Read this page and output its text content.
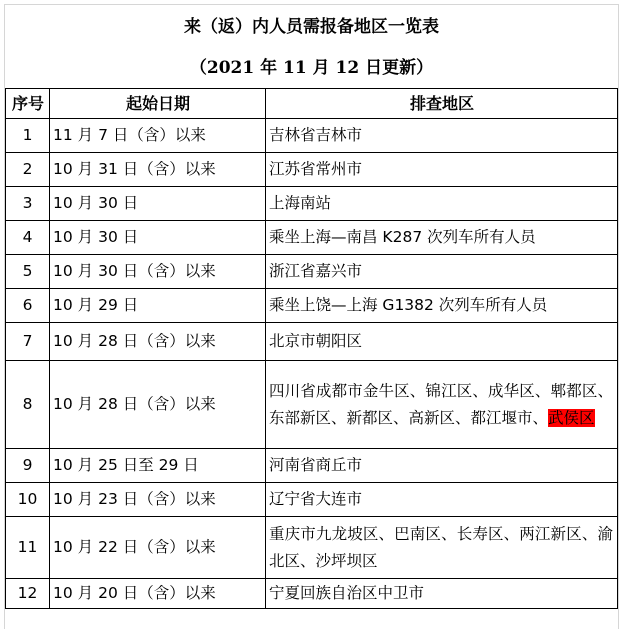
来（返）内人员需报备地区一览表
（2021 年 11 月 12 日更新）
序号	起始日期	排查地区
1	11 月 7 日（含）以来	吉林省吉林市
2	10 月 31 日（含）以来	江苏省常州市
3	10 月 30 日	上海南站
4	10 月 30 日	乘坐上海—南昌 K287 次列车所有人员
5	10 月 30 日（含）以来	浙江省嘉兴市
6	10 月 29 日	乘坐上饶—上海 G1382 次列车所有人员
7	10 月 28 日（含）以来	北京市朝阳区
8	10 月 28 日（含）以来	四川省成都市金牛区、锦江区、成华区、郫都区、东部新区、新都区、高新区、都江堰市、武侯区
9	10 月 25 日至 29 日	河南省商丘市
10	10 月 23 日（含）以来	辽宁省大连市
11	10 月 22 日（含）以来	重庆市九龙坡区、巴南区、长寿区、两江新区、渝北区、沙坪坝区
12	10 月 20 日（含）以来	宁夏回族自治区中卫市
